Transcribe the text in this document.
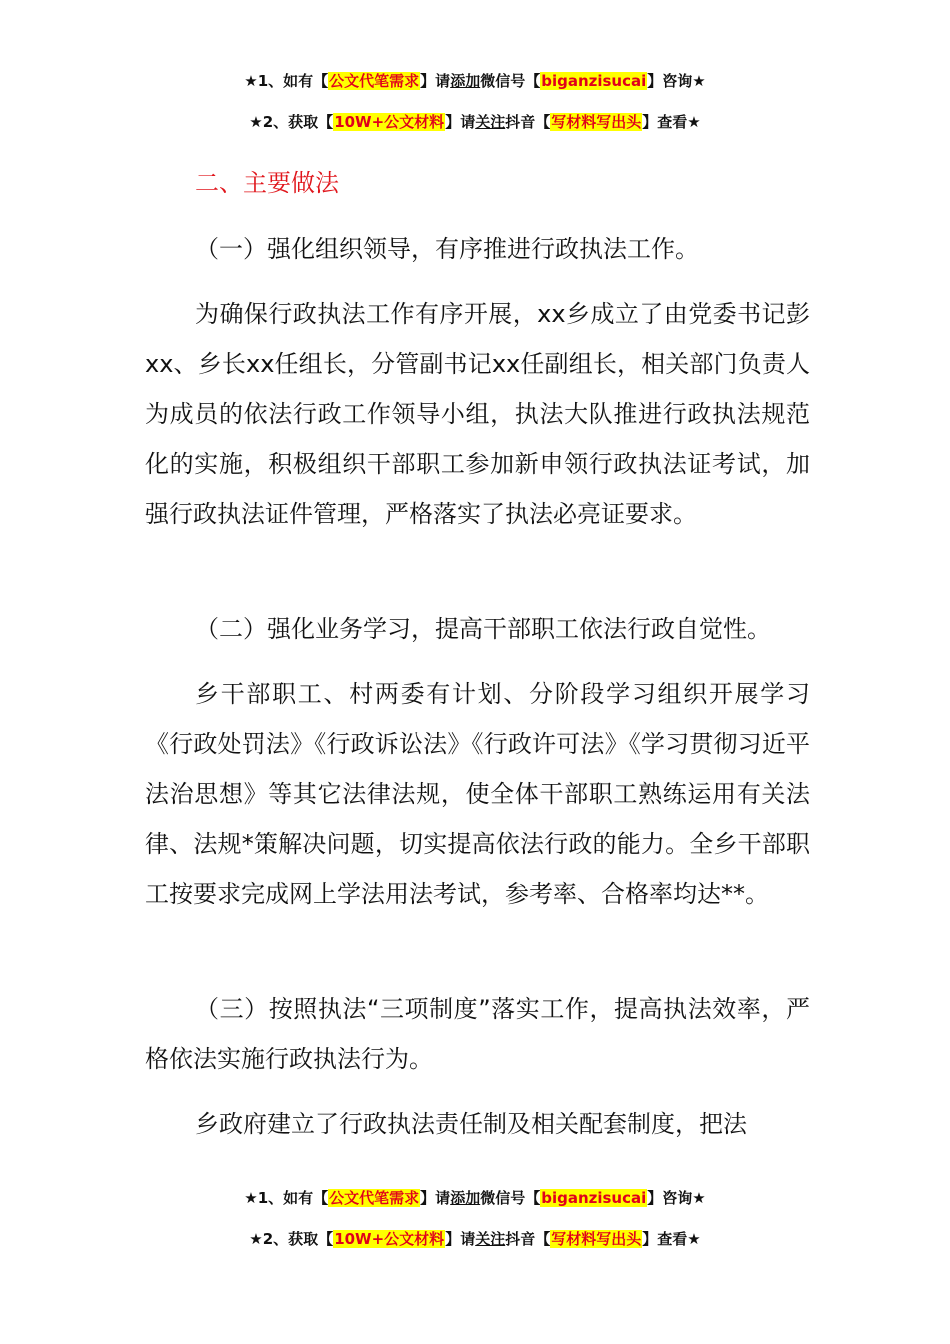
★1、如有【公文代笔需求】请添加微信号【biganzisucai】咨询★
★2、获取【10W+公文材料】请关注抖音【写材料写出头】查看★
二、主要做法

（一）强化组织领导，有序推进行政执法工作。

为确保行政执法工作有序开展，xx乡成立了由党委书记彭xx、乡长xx任组长，分管副书记xx任副组长，相关部门负责人为成员的依法行政工作领导小组，执法大队推进行政执法规范化的实施，积极组织干部职工参加新申领行政执法证考试，加强行政执法证件管理，严格落实了执法必亮证要求。

（二）强化业务学习，提高干部职工依法行政自觉性。

乡干部职工、村两委有计划、分阶段学习组织开展学习《行政处罚法》《行政诉讼法》《行政许可法》《学习贯彻习近平法治思想》等其它法律法规，使全体干部职工熟练运用有关法律、法规*策解决问题，切实提高依法行政的能力。全乡干部职工按要求完成网上学法用法考试，参考率、合格率均达**。

（三）按照执法“三项制度”落实工作，提高执法效率，严格依法实施行政执法行为。

乡政府建立了行政执法责任制及相关配套制度，把法

★1、如有【公文代笔需求】请添加微信号【biganzisucai】咨询★
★2、获取【10W+公文材料】请关注抖音【写材料写出头】查看★
